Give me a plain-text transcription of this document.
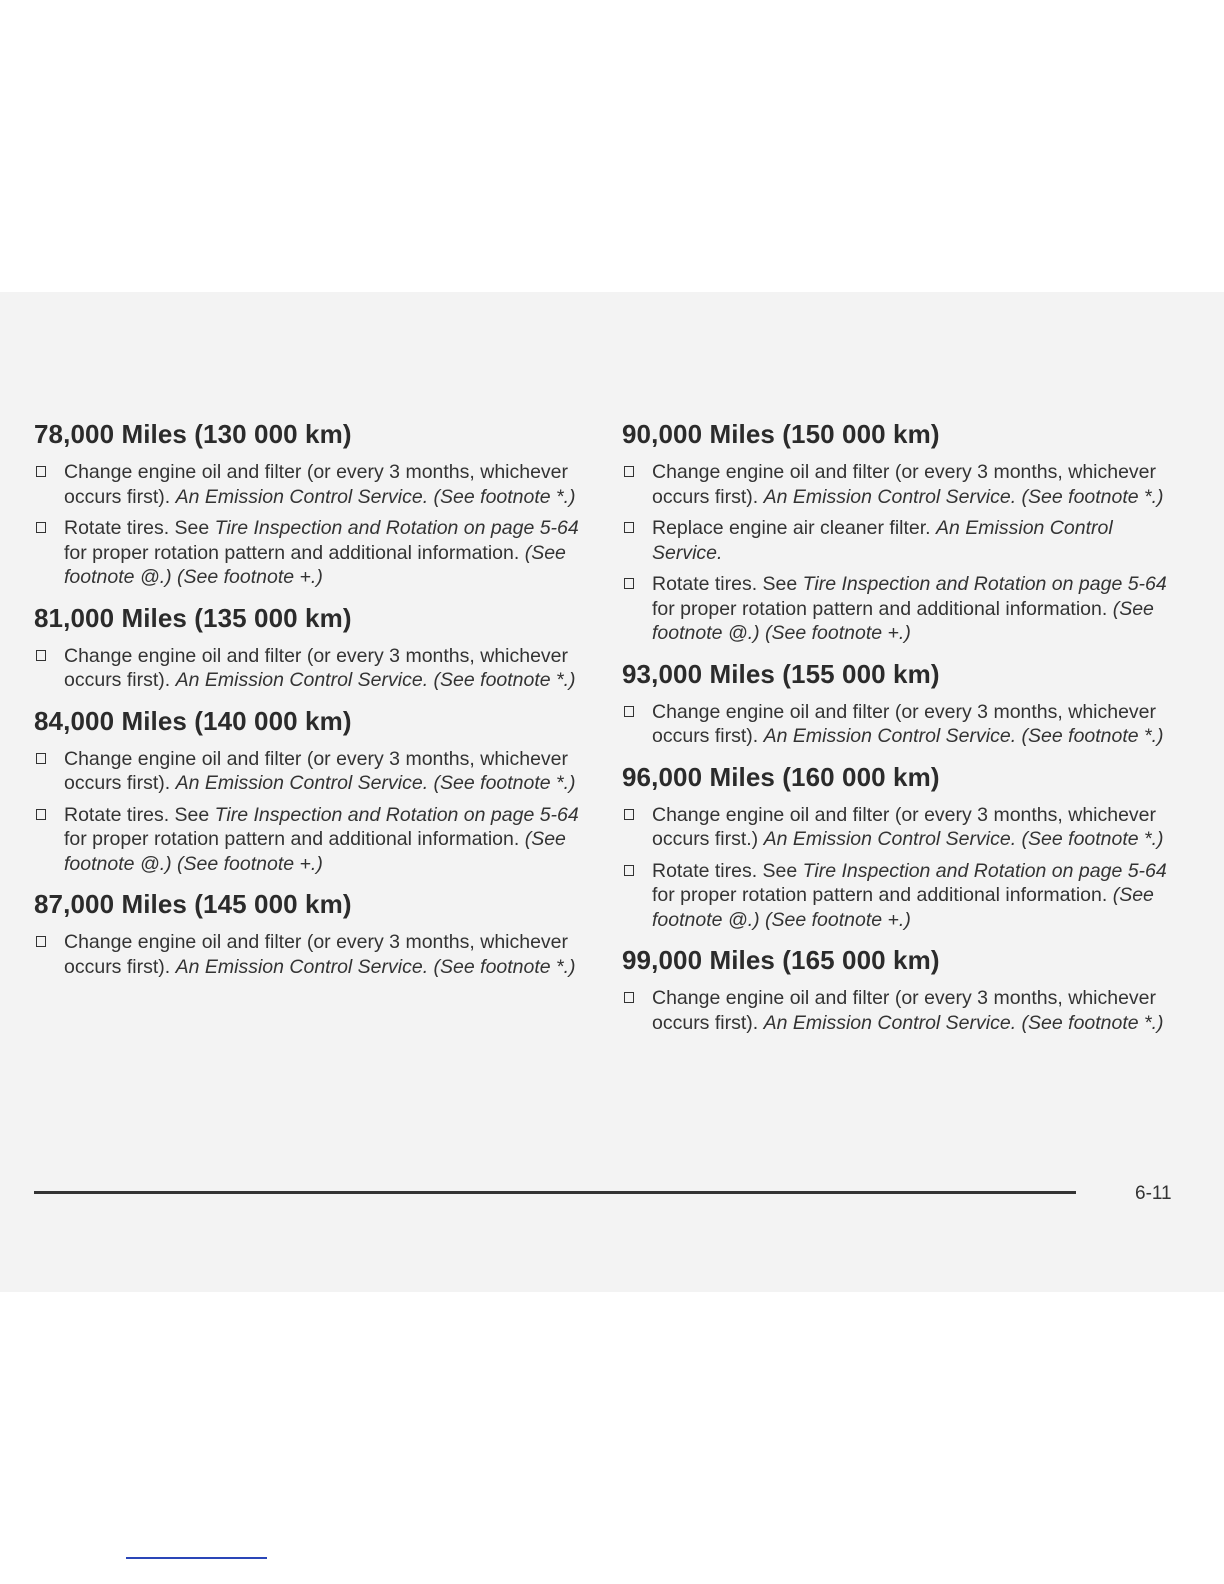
78,000 Miles (130 000 km)
Change engine oil and filter (or every 3 months, whichever occurs first). An Emission Control Service. (See footnote *.)
Rotate tires. See Tire Inspection and Rotation on page 5-64 for proper rotation pattern and additional information. (See footnote @.) (See footnote +.)
81,000 Miles (135 000 km)
Change engine oil and filter (or every 3 months, whichever occurs first). An Emission Control Service. (See footnote *.)
84,000 Miles (140 000 km)
Change engine oil and filter (or every 3 months, whichever occurs first). An Emission Control Service. (See footnote *.)
Rotate tires. See Tire Inspection and Rotation on page 5-64 for proper rotation pattern and additional information. (See footnote @.) (See footnote +.)
87,000 Miles (145 000 km)
Change engine oil and filter (or every 3 months, whichever occurs first). An Emission Control Service. (See footnote *.)
90,000 Miles (150 000 km)
Change engine oil and filter (or every 3 months, whichever occurs first). An Emission Control Service. (See footnote *.)
Replace engine air cleaner filter. An Emission Control Service.
Rotate tires. See Tire Inspection and Rotation on page 5-64 for proper rotation pattern and additional information. (See footnote @.) (See footnote +.)
93,000 Miles (155 000 km)
Change engine oil and filter (or every 3 months, whichever occurs first). An Emission Control Service. (See footnote *.)
96,000 Miles (160 000 km)
Change engine oil and filter (or every 3 months, whichever occurs first.) An Emission Control Service. (See footnote *.)
Rotate tires. See Tire Inspection and Rotation on page 5-64 for proper rotation pattern and additional information. (See footnote @.) (See footnote +.)
99,000 Miles (165 000 km)
Change engine oil and filter (or every 3 months, whichever occurs first). An Emission Control Service. (See footnote *.)
6-11
